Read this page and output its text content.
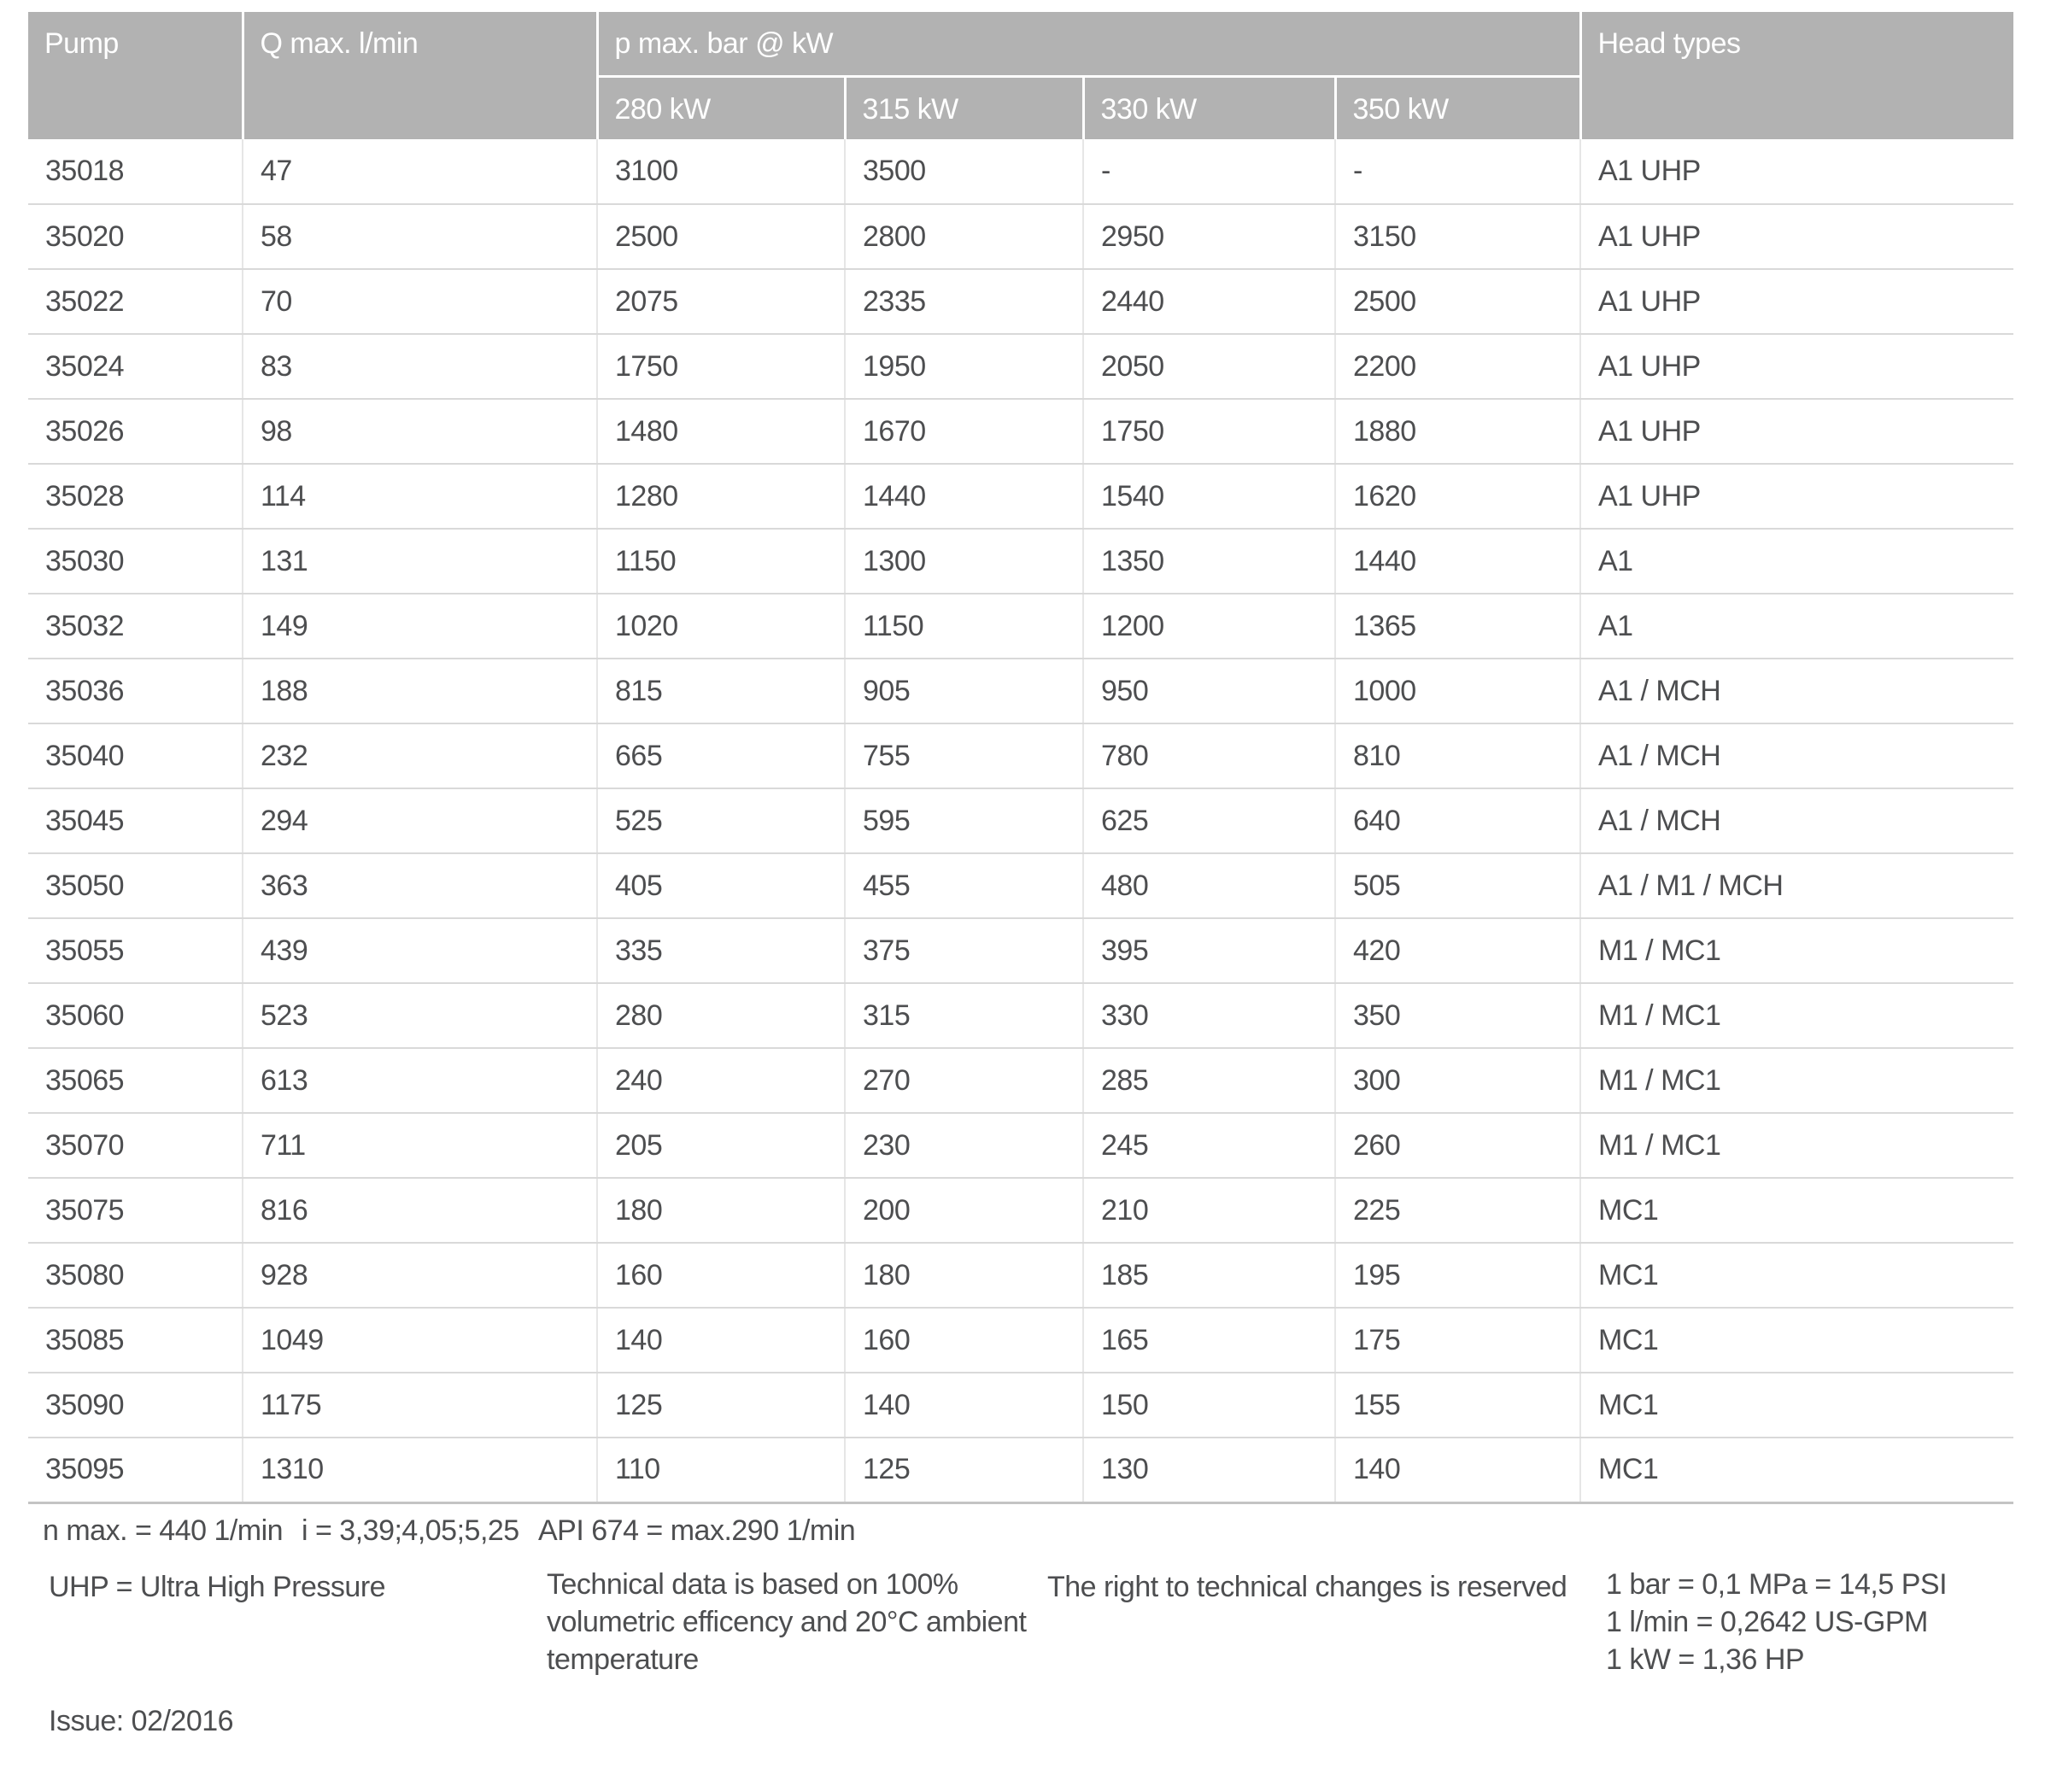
Pump	Q max. l/min	p max. bar @ kW				Head types
		280 kW	315 kW	330 kW	350 kW	
35018	47	3100	3500	-	-	A1 UHP
35020	58	2500	2800	2950	3150	A1 UHP
35022	70	2075	2335	2440	2500	A1 UHP
35024	83	1750	1950	2050	2200	A1 UHP
35026	98	1480	1670	1750	1880	A1 UHP
35028	114	1280	1440	1540	1620	A1 UHP
35030	131	1150	1300	1350	1440	A1
35032	149	1020	1150	1200	1365	A1
35036	188	815	905	950	1000	A1 / MCH
35040	232	665	755	780	810	A1 / MCH
35045	294	525	595	625	640	A1 / MCH
35050	363	405	455	480	505	A1 / M1 / MCH
35055	439	335	375	395	420	M1 / MC1
35060	523	280	315	330	350	M1 / MC1
35065	613	240	270	285	300	M1 / MC1
35070	711	205	230	245	260	M1 / MC1
35075	816	180	200	210	225	MC1
35080	928	160	180	185	195	MC1
35085	1049	140	160	165	175	MC1
35090	1175	125	140	150	155	MC1
35095	1310	110	125	130	140	MC1
n max. = 440 1/min i = 3,39;4,05;5,25 API 674 = max.290 1/min
UHP = Ultra High Pressure	Technical data is based on 100%
volumetric efficency and 20°C ambient
temperature
The right to technical changes is reserved 1 bar = 0,1 MPa = 14,5 PSI
1 l/min = 0,2642 US-GPM
1 kW = 1,36 HP
Issue: 02/2016
